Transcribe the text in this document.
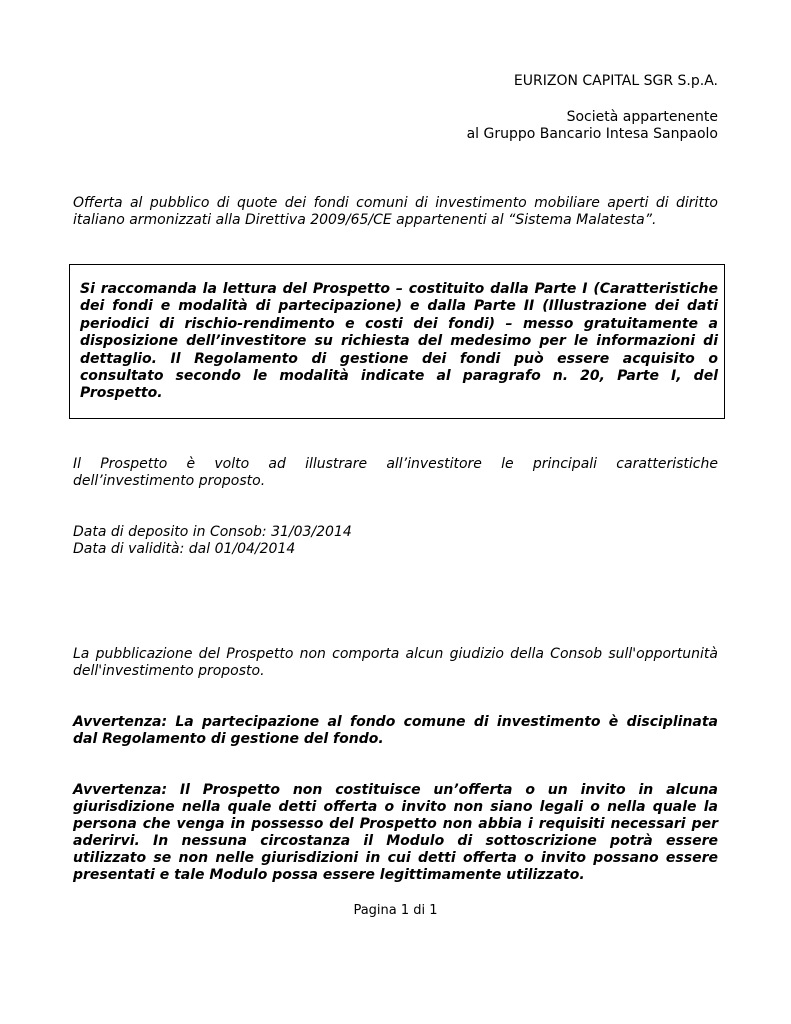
EURIZON CAPITAL SGR S.p.A.
Società appartenente
al Gruppo Bancario Intesa Sanpaolo
Offerta al pubblico di quote dei fondi comuni di investimento mobiliare aperti di diritto
italiano armonizzati alla Direttiva 2009/65/CE appartenenti al “Sistema Malatesta”.
Si raccomanda la lettura del Prospetto – costituito dalla Parte I (Caratteristiche
dei fondi e modalità di partecipazione) e dalla Parte II (Illustrazione dei dati
periodici di rischio-rendimento e costi dei fondi) – messo gratuitamente a
disposizione dell’investitore su richiesta del medesimo per le informazioni di
dettaglio. Il Regolamento di gestione dei fondi può essere acquisito o
consultato secondo le modalità indicate al paragrafo n. 20, Parte I, del
Prospetto.
Il Prospetto è volto ad illustrare all’investitore le principali caratteristiche
dell’investimento proposto.
Data di deposito in Consob: 31/03/2014
Data di validità: dal 01/04/2014
La pubblicazione del Prospetto non comporta alcun giudizio della Consob sull'opportunità
dell'investimento proposto.
Avvertenza: La partecipazione al fondo comune di investimento è disciplinata
dal Regolamento di gestione del fondo.
Avvertenza: Il Prospetto non costituisce un’offerta o un invito in alcuna
giurisdizione nella quale detti offerta o invito non siano legali o nella quale la
persona che venga in possesso del Prospetto non abbia i requisiti necessari per
aderirvi. In nessuna circostanza il Modulo di sottoscrizione potrà essere
utilizzato se non nelle giurisdizioni in cui detti offerta o invito possano essere
presentati e tale Modulo possa essere legittimamente utilizzato.
Pagina 1 di 1
